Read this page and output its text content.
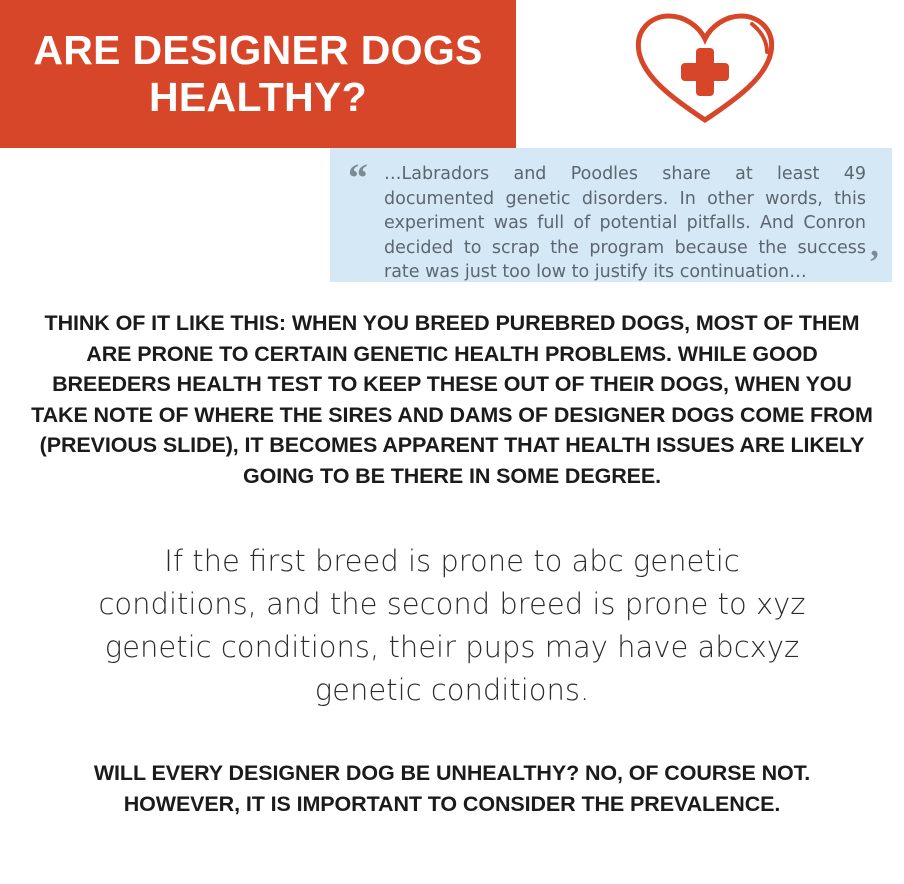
ARE DESIGNER DOGS HEALTHY?
“ …Labradors and Poodles share at least 49 documented genetic disorders. In other words, this experiment was full of potential pitfalls. And Conron decided to scrap the program because the success rate was just too low to justify its continuation…	’
THINK OF IT LIKE THIS: WHEN YOU BREED PUREBRED DOGS, MOST OF THEM ARE PRONE TO CERTAIN GENETIC HEALTH PROBLEMS. WHILE GOOD BREEDERS HEALTH TEST TO KEEP THESE OUT OF THEIR DOGS, WHEN YOU TAKE NOTE OF WHERE THE SIRES AND DAMS OF DESIGNER DOGS COME FROM (PREVIOUS SLIDE), IT BECOMES APPARENT THAT HEALTH ISSUES ARE LIKELY GOING TO BE THERE IN SOME DEGREE.
If the first breed is prone to abc genetic conditions, and the second breed is prone to xyz genetic conditions, their pups may have abcxyz genetic conditions.
WILL EVERY DESIGNER DOG BE UNHEALTHY? NO, OF COURSE NOT. HOWEVER, IT IS IMPORTANT TO CONSIDER THE PREVALENCE.
